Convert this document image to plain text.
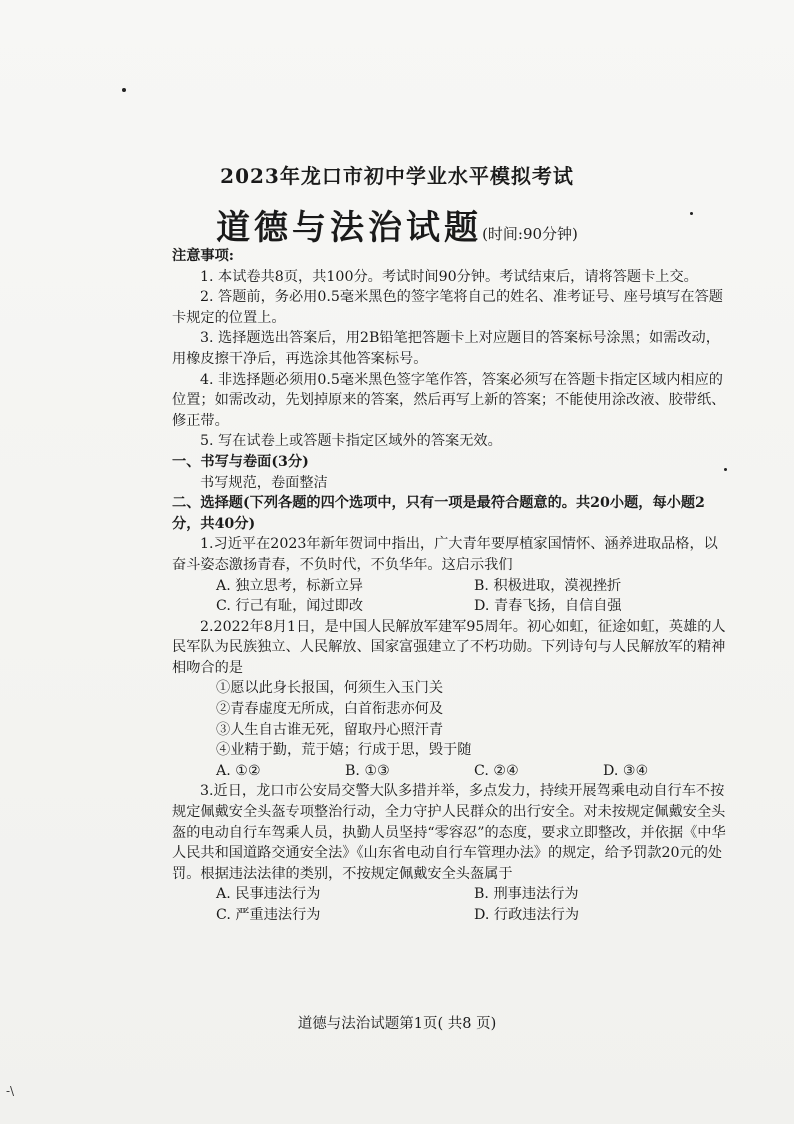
2023年龙口市初中学业水平模拟考试
道德与法治试题(时间:90分钟)

注意事项:

1. 本试卷共8页，共100分。考试时间90分钟。考试结束后，请将答题卡上交。

2. 答题前，务必用0.5毫米黑色的签字笔将自己的姓名、准考证号、座号填写在答题卡规定的位置上。

3. 选择题选出答案后，用2B铅笔把答题卡上对应题目的答案标号涂黑；如需改动，用橡皮擦干净后，再选涂其他答案标号。

4. 非选择题必须用0.5毫米黑色签字笔作答，答案必须写在答题卡指定区域内相应的位置；如需改动，先划掉原来的答案，然后再写上新的答案；不能使用涂改液、胶带纸、修正带。

5. 写在试卷上或答题卡指定区域外的答案无效。

一、书写与卷面(3分)

书写规范，卷面整洁

二、选择题(下列各题的四个选项中，只有一项是最符合题意的。共20小题，每小题2分，共40分)

1.习近平在2023年新年贺词中指出，广大青年要厚植家国情怀、涵养进取品格，以奋斗姿态激扬青春，不负时代，不负华年。这启示我们

A. 独立思考，标新立异	B. 积极进取，漠视挫折
C. 行己有耻，闻过即改	D. 青春飞扬，自信自强

2.2022年8月1日，是中国人民解放军建军95周年。初心如虹，征途如虹，英雄的人民军队为民族独立、人民解放、国家富强建立了不朽功勋。下列诗句与人民解放军的精神相吻合的是

①愿以此身长报国，何须生入玉门关

②青春虚度无所成，白首衔悲亦何及

③人生自古谁无死，留取丹心照汗青

④业精于勤，荒于嬉；行成于思，毁于随

A. ①②	B. ①③	C. ②④	D. ③④

3.近日，龙口市公安局交警大队多措并举，多点发力，持续开展驾乘电动自行车不按规定佩戴安全头盔专项整治行动，全力守护人民群众的出行安全。对未按规定佩戴安全头盔的电动自行车驾乘人员，执勤人员坚持“零容忍”的态度，要求立即整改，并依据《中华人民共和国道路交通安全法》《山东省电动自行车管理办法》的规定，给予罚款20元的处罚。根据违法法律的类别，不按规定佩戴安全头盔属于

A. 民事违法行为	B. 刑事违法行为
C. 严重违法行为	D. 行政违法行为
道德与法治试题第1页( 共8 页)
-\
